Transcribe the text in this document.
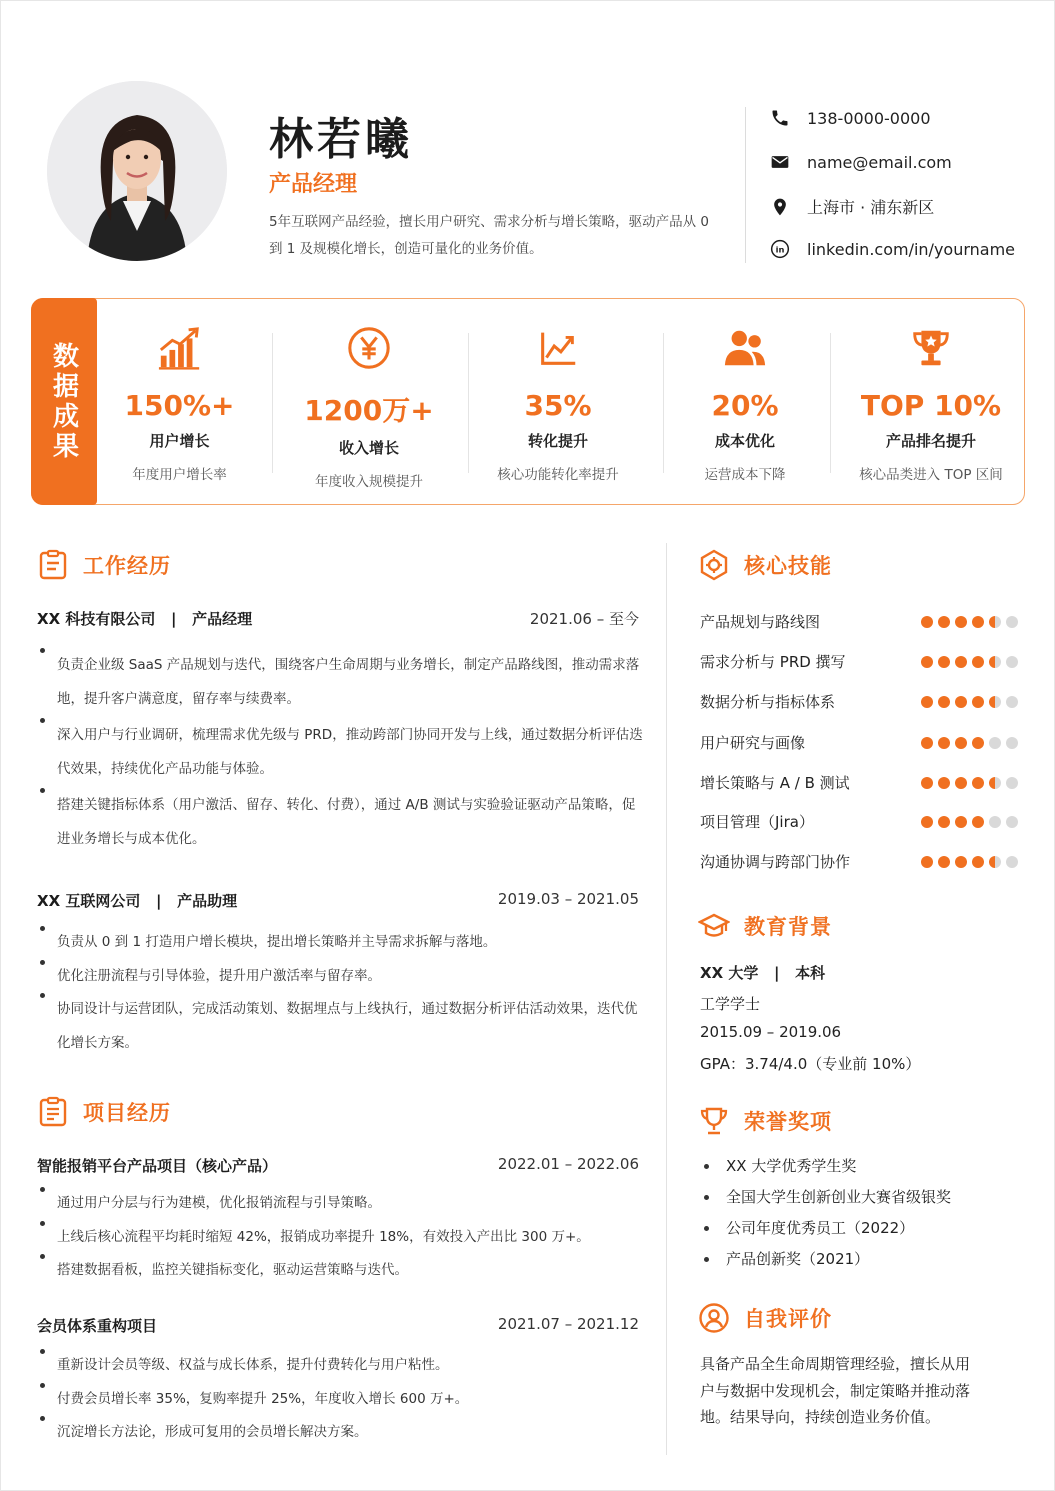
林若曦
产品经理
5年互联网产品经验，擅长用户研究、需求分析与增长策略，驱动产品从 0 到 1 及规模化增长，创造可量化的业务价值。
138-0000-0000
name@email.com
上海市 · 浦东新区
in linkedin.com/in/yourname
数据成果	150%+
用户增长
年度用户增长率
1200万+
收入增长
年度收入规模提升
35%
转化提升
核心功能转化率提升
20%
成本优化
运营成本下降
TOP 10%
产品排名提升
核心品类进入 TOP 区间
工作经历
XX 科技有限公司   |   产品经理	2021.06 – 至今
负责企业级 SaaS 产品规划与迭代，围绕客户生命周期与业务增长，制定产品路线图，推动需求落地，提升客户满意度，留存率与续费率。
深入用户与行业调研，梳理需求优先级与 PRD，推动跨部门协同开发与上线，通过数据分析评估迭代效果，持续优化产品功能与体验。
搭建关键指标体系（用户激活、留存、转化、付费），通过 A/B 测试与实验验证驱动产品策略，促进业务增长与成本优化。
XX 互联网公司   |   产品助理	2019.03 – 2021.05
负责从 0 到 1 打造用户增长模块，提出增长策略并主导需求拆解与落地。
优化注册流程与引导体验，提升用户激活率与留存率。
协同设计与运营团队，完成活动策划、数据埋点与上线执行，通过数据分析评估活动效果，迭代优化增长方案。
项目经历
智能报销平台产品项目（核心产品）	2022.01 – 2022.06
通过用户分层与行为建模，优化报销流程与引导策略。
上线后核心流程平均耗时缩短 42%，报销成功率提升 18%，有效投入产出比 300 万+。
搭建数据看板，监控关键指标变化，驱动运营策略与迭代。
会员体系重构项目	2021.07 – 2021.12
重新设计会员等级、权益与成长体系，提升付费转化与用户粘性。
付费会员增长率 35%，复购率提升 25%，年度收入增长 600 万+。
沉淀增长方法论，形成可复用的会员增长解决方案。
核心技能
产品规划与路线图
需求分析与 PRD 撰写
数据分析与指标体系
用户研究与画像
增长策略与 A / B 测试
项目管理（Jira）
沟通协调与跨部门协作
教育背景
XX 大学   |   本科
工学学士
2015.09 – 2019.06
GPA：3.74/4.0（专业前 10%）
荣誉奖项
XX 大学优秀学生奖
全国大学生创新创业大赛省级银奖
公司年度优秀员工（2022）
产品创新奖（2021）
自我评价
具备产品全生命周期管理经验，擅长从用户与数据中发现机会，制定策略并推动落地。结果导向，持续创造业务价值。
